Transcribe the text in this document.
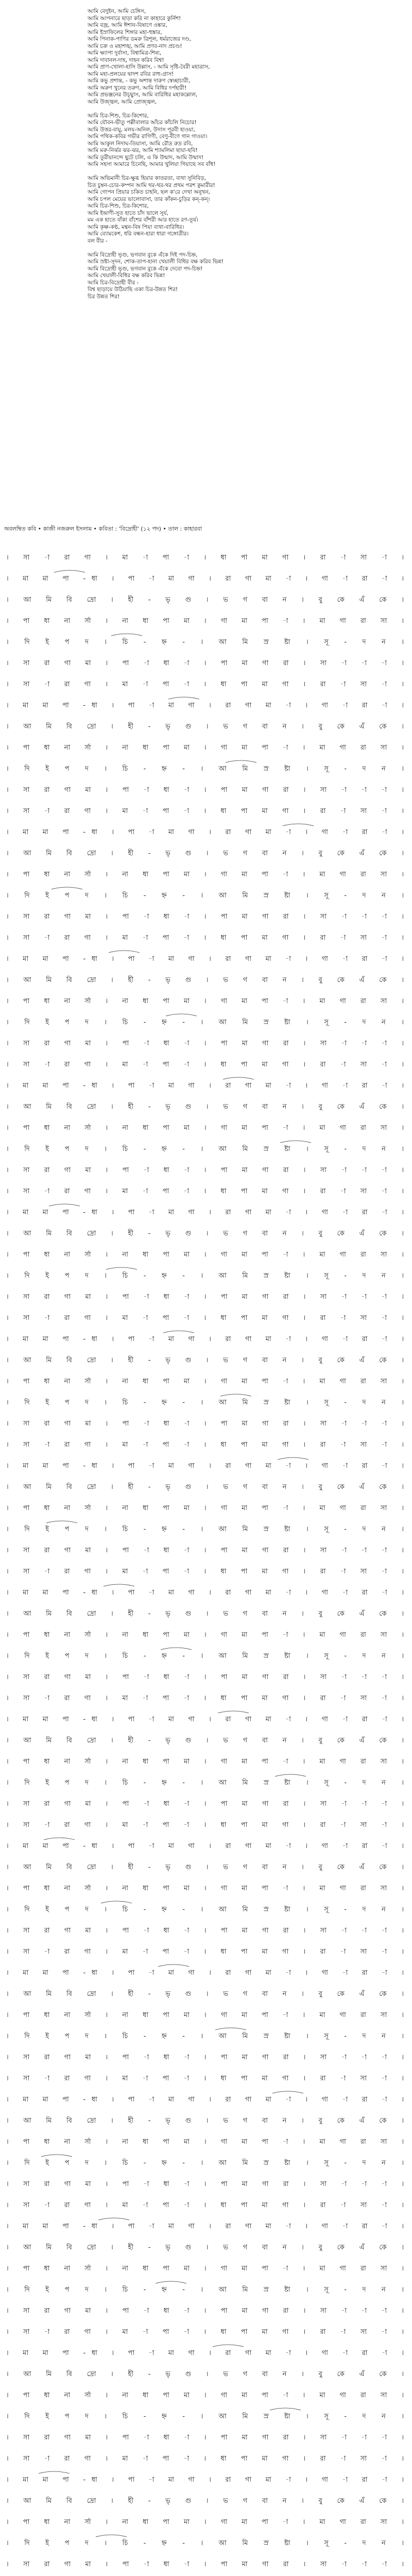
আমি বেদুইন, আমি চেঙ্গিস,
আমি আপনারে ছাড়া করি না কাহারে কুর্নিশ!
আমি বজ্র, আমি ঈশান-বিষাণে ওঙ্কার,
আমি ইস্রাফিলের শিঙ্গার মহা-হুঙ্কার,
আমি পিনাক-পাণির ডমরু ত্রিশূল, ধর্মরাজের দণ্ড,
আমি চক্র ও মহাশঙ্খ, আমি প্রণব-নাদ প্রচণ্ড!
আমি ক্ষ্যাপা দুর্বাসা, বিশ্বামিত্র-শিষ্য,
আমি দাবানল-দাহ, দাহন করিব বিশ্ব!
আমি প্রাণ-খোলা-হাসি উল্লাস, - আমি সৃষ্টি-বৈরী মহাত্রাস,
আমি মহা-প্রলয়ের দ্বাদশ রবির রাহু-গ্রাস!
আমি কভু প্রশান্ত, - কভু অশান্ত দারুণ স্বেচ্ছাচারী,
আমি অরুণ খুনের তরুণ, আমি বিধির দর্পহারী!
আমি প্রভঞ্জনের উচ্ছ্বাস, আমি বারিধির মহাকল্লোল,
আমি উজ্জ্বল, আমি প্রোজ্জ্বল,
আমি চির-শিশু, চির-কিশোর,
আমি যৌবন-ভীতু পল্লীবালার আঁচর কাঁচলি নিচোর!
আমি উত্তর-বায়ু, মলয়-অনিল, উদাস পূরবী হাওয়া,
আমি পথিক-কবির গভীর রাগিণী, বেণু-বীণে গান গাওয়া।
আমি আকুল নিদাঘ-তিয়াসা, আমি রৌদ্র রুদ্র রবি,
আমি মরু-নির্ঝর ঝর-ঝর, আমি শ্যামলিমা ছায়া-ছবি!
আমি তুরীয়ানন্দে ছুটে চলি, এ কি উন্মাদ, আমি উন্মাদ!
আমি সহসা আমারে চিনেছি, আমার খুলিয়া গিয়াছে সব বাঁধ!
আমি অভিমানী চির-ক্ষুব্ধ হিয়ার কাতরতা, ব্যথা সুনিবিড়,
চিত চুম্বন-চোর-কম্পন আমি থর-থর-থর প্রথম পরশ কুমারীর!
আমি গোপন প্রিয়ার চকিত চাহনি, ছল ক'রে দেখা অনুখন,
আমি চপল মেয়ের ভালোবাসা, তার কাঁকন-চুড়ির কন্-কন্।
আমি চির-শিশু, চির-কিশোর,
আমি ইন্দ্রাণী-সুত হাতে চাঁদ ভালে সূর্য,
মম এক হাতে বাঁকা বাঁশের বাঁশরী আর হাতে রণ-তূর্য।
আমি কৃষ্ণ-কণ্ঠ, মন্থন-বিষ পিয়া ব্যথা-বারিধির।
আমি ব্যোমকেশ, ধরি বন্ধন-হারা ধারা গঙ্গোত্রীর।
বল বীর -
আমি বিদ্রোহী ভৃগু, ভগবান বুকে এঁকে দিই পদ-চিহ্ন,
আমি স্রষ্টা-সূদন, শোক-তাপ-হানা খেয়ালী বিধির বক্ষ করিব ভিন্ন!
আমি বিদ্রোহী ভৃগু, ভগবান বুকে এঁকে দেবো পদ-চিহ্ন!
আমি খেয়ালী-বিধির বক্ষ করিব ভিন্ন!
আমি চির-বিদ্রোহী বীর -
বিশ্ব ছাড়ায়ে উঠিয়াছি একা চির-উন্নত শির!
চির উন্নত শির!
অবলম্বিত কবি • কাজী নজরুল ইসলাম • কবিতা : 'বিদ্রোহী' (১২ পদ) • তাল : কাহারবা
। সা -া রা গা । মা -া পা -া । ধা পা মা গা । রা -া সা -া ।
। মা মা পা -ধা । পা -া মা গা । রা গা মা -া । গা -া রা -া ।
। আ মি বি দ্রো । হী - ভৃ গু । ভ গ বা ন । বু কে এঁ কে ।
। পা ধা না র্সা । না ধা পা মা । গা মা পা -া । মা গা রা সা ।
। দি ই প দ । চি - হ্ন - । আ মি স্র ষ্টা । সূ - দ ন ।
। সা রা গা মা । পা -া ধা -া । পা মা গা রা । সা -া -া -া ।
। সা -া রা গা । মা -া পা -া । ধা পা মা গা । রা -া সা -া ।
। মা মা পা -ধা । পা -া মা গা । রা গা মা -া । গা -া রা -া ।
। আ মি বি দ্রো । হী - ভৃ গু । ভ গ বা ন । বু কে এঁ কে ।
। পা ধা না র্সা । না ধা পা মা । গা মা পা -া । মা গা রা সা ।
। দি ই প দ । চি - হ্ন - । আ মি স্র ষ্টা । সূ - দ ন ।
। সা রা গা মা । পা -া ধা -া । পা মা গা রা । সা -া -া -া ।
। সা -া রা গা । মা -া পা -া । ধা পা মা গা । রা -া সা -া ।
। মা মা পা -ধা । পা -া মা গা । রা গা মা -া । গা -া রা -া ।
। আ মি বি দ্রো । হী - ভৃ গু । ভ গ বা ন । বু কে এঁ কে ।
। পা ধা না র্সা । না ধা পা মা । গা মা পা -া । মা গা রা সা ।
। দি ই প দ । চি - হ্ন - । আ মি স্র ষ্টা । সূ - দ ন ।
। সা রা গা মা । পা -া ধা -া । পা মা গা রা । সা -া -া -া ।
। সা -া রা গা । মা -া পা -া । ধা পা মা গা । রা -া সা -া ।
। মা মা পা -ধা । পা -া মা গা । রা গা মা -া । গা -া রা -া ।
। আ মি বি দ্রো । হী - ভৃ গু । ভ গ বা ন । বু কে এঁ কে ।
। পা ধা না র্সা । না ধা পা মা । গা মা পা -া । মা গা রা সা ।
। দি ই প দ । চি - হ্ন - । আ মি স্র ষ্টা । সূ - দ ন ।
। সা রা গা মা । পা -া ধা -া । পা মা গা রা । সা -া -া -া ।
। সা -া রা গা । মা -া পা -া । ধা পা মা গা । রা -া সা -া ।
। মা মা পা -ধা । পা -া মা গা । রা গা মা -া । গা -া রা -া ।
। আ মি বি দ্রো । হী - ভৃ গু । ভ গ বা ন । বু কে এঁ কে ।
। পা ধা না র্সা । না ধা পা মা । গা মা পা -া । মা গা রা সা ।
। দি ই প দ । চি - হ্ন - । আ মি স্র ষ্টা । সূ - দ ন ।
। সা রা গা মা । পা -া ধা -া । পা মা গা রা । সা -া -া -া ।
। সা -া রা গা । মা -া পা -া । ধা পা মা গা । রা -া সা -া ।
। মা মা পা -ধা । পা -া মা গা । রা গা মা -া । গা -া রা -া ।
। আ মি বি দ্রো । হী - ভৃ গু । ভ গ বা ন । বু কে এঁ কে ।
। পা ধা না র্সা । না ধা পা মা । গা মা পা -া । মা গা রা সা ।
। দি ই প দ । চি - হ্ন - । আ মি স্র ষ্টা । সূ - দ ন ।
। সা রা গা মা । পা -া ধা -া । পা মা গা রা । সা -া -া -া ।
। সা -া রা গা । মা -া পা -া । ধা পা মা গা । রা -া সা -া ।
। মা মা পা -ধা । পা -া মা গা । রা গা মা -া । গা -া রা -া ।
। আ মি বি দ্রো । হী - ভৃ গু । ভ গ বা ন । বু কে এঁ কে ।
। পা ধা না র্সা । না ধা পা মা । গা মা পা -া । মা গা রা সা ।
। দি ই প দ । চি - হ্ন - । আ মি স্র ষ্টা । সূ - দ ন ।
। সা রা গা মা । পা -া ধা -া । পা মা গা রা । সা -া -া -া ।
। সা -া রা গা । মা -া পা -া । ধা পা মা গা । রা -া সা -া ।
। মা মা পা -ধা । পা -া মা গা । রা গা মা -া । গা -া রা -া ।
। আ মি বি দ্রো । হী - ভৃ গু । ভ গ বা ন । বু কে এঁ কে ।
। পা ধা না র্সা । না ধা পা মা । গা মা পা -া । মা গা রা সা ।
। দি ই প দ । চি - হ্ন - । আ মি স্র ষ্টা । সূ - দ ন ।
। সা রা গা মা । পা -া ধা -া । পা মা গা রা । সা -া -া -া ।
। সা -া রা গা । মা -া পা -া । ধা পা মা গা । রা -া সা -া ।
। মা মা পা -ধা । পা -া মা গা । রা গা মা -া । গা -া রা -া ।
। আ মি বি দ্রো । হী - ভৃ গু । ভ গ বা ন । বু কে এঁ কে ।
। পা ধা না র্সা । না ধা পা মা । গা মা পা -া । মা গা রা সা ।
। দি ই প দ । চি - হ্ন - । আ মি স্র ষ্টা । সূ - দ ন ।
। সা রা গা মা । পা -া ধা -া । পা মা গা রা । সা -া -া -া ।
। সা -া রা গা । মা -া পা -া । ধা পা মা গা । রা -া সা -া ।
। মা মা পা -ধা । পা -া মা গা । রা গা মা -া । গা -া রা -া ।
। আ মি বি দ্রো । হী - ভৃ গু । ভ গ বা ন । বু কে এঁ কে ।
। পা ধা না র্সা । না ধা পা মা । গা মা পা -া । মা গা রা সা ।
। দি ই প দ । চি - হ্ন - । আ মি স্র ষ্টা । সূ - দ ন ।
। সা রা গা মা । পা -া ধা -া । পা মা গা রা । সা -া -া -া ।
। সা -া রা গা । মা -া পা -া । ধা পা মা গা । রা -া সা -া ।
। মা মা পা -ধা । পা -া মা গা । রা গা মা -া । গা -া রা -া ।
। আ মি বি দ্রো । হী - ভৃ গু । ভ গ বা ন । বু কে এঁ কে ।
। পা ধা না র্সা । না ধা পা মা । গা মা পা -া । মা গা রা সা ।
। দি ই প দ । চি - হ্ন - । আ মি স্র ষ্টা । সূ - দ ন ।
। সা রা গা মা । পা -া ধা -া । পা মা গা রা । সা -া -া -া ।
। সা -া রা গা । মা -া পা -া । ধা পা মা গা । রা -া সা -া ।
। মা মা পা -ধা । পা -া মা গা । রা গা মা -া । গা -া রা -া ।
। আ মি বি দ্রো । হী - ভৃ গু । ভ গ বা ন । বু কে এঁ কে ।
। পা ধা না র্সা । না ধা পা মা । গা মা পা -া । মা গা রা সা ।
। দি ই প দ । চি - হ্ন - । আ মি স্র ষ্টা । সূ - দ ন ।
। সা রা গা মা । পা -া ধা -া । পা মা গা রা । সা -া -া -া ।
। সা -া রা গা । মা -া পা -া । ধা পা মা গা । রা -া সা -া ।
। মা মা পা -ধা । পা -া মা গা । রা গা মা -া । গা -া রা -া ।
। আ মি বি দ্রো । হী - ভৃ গু । ভ গ বা ন । বু কে এঁ কে ।
। পা ধা না র্সা । না ধা পা মা । গা মা পা -া । মা গা রা সা ।
। দি ই প দ । চি - হ্ন - । আ মি স্র ষ্টা । সূ - দ ন ।
। সা রা গা মা । পা -া ধা -া । পা মা গা রা । সা -া -া -া ।
। সা -া রা গা । মা -া পা -া । ধা পা মা গা । রা -া সা -া ।
। মা মা পা -ধা । পা -া মা গা । রা গা মা -া । গা -া রা -া ।
। আ মি বি দ্রো । হী - ভৃ গু । ভ গ বা ন । বু কে এঁ কে ।
। পা ধা না র্সা । না ধা পা মা । গা মা পা -া । মা গা রা সা ।
। দি ই প দ । চি - হ্ন - । আ মি স্র ষ্টা । সূ - দ ন ।
। সা রা গা মা । পা -া ধা -া । পা মা গা রা । সা -া -া -া ।
। সা -া রা গা । মা -া পা -া । ধা পা মা গা । রা -া সা -া ।
। মা মা পা -ধা । পা -া মা গা । রা গা মা -া । গা -া রা -া ।
। আ মি বি দ্রো । হী - ভৃ গু । ভ গ বা ন । বু কে এঁ কে ।
। পা ধা না র্সা । না ধা পা মা । গা মা পা -া । মা গা রা সা ।
। দি ই প দ । চি - হ্ন - । আ মি স্র ষ্টা । সূ - দ ন ।
। সা রা গা মা । পা -া ধা -া । পা মা গা রা । সা -া -া -া ।
। সা -া রা গা । মা -া পা -া । ধা পা মা গা । রা -া সা -া ।
। মা মা পা -ধা । পা -া মা গা । রা গা মা -া । গা -া রা -া ।
। আ মি বি দ্রো । হী - ভৃ গু । ভ গ বা ন । বু কে এঁ কে ।
। পা ধা না র্সা । না ধা পা মা । গা মা পা -া । মা গা রা সা ।
। দি ই প দ । চি - হ্ন - । আ মি স্র ষ্টা । সূ - দ ন ।
। সা রা গা মা । পা -া ধা -া । পা মা গা রা । সা -া -া -া ।
